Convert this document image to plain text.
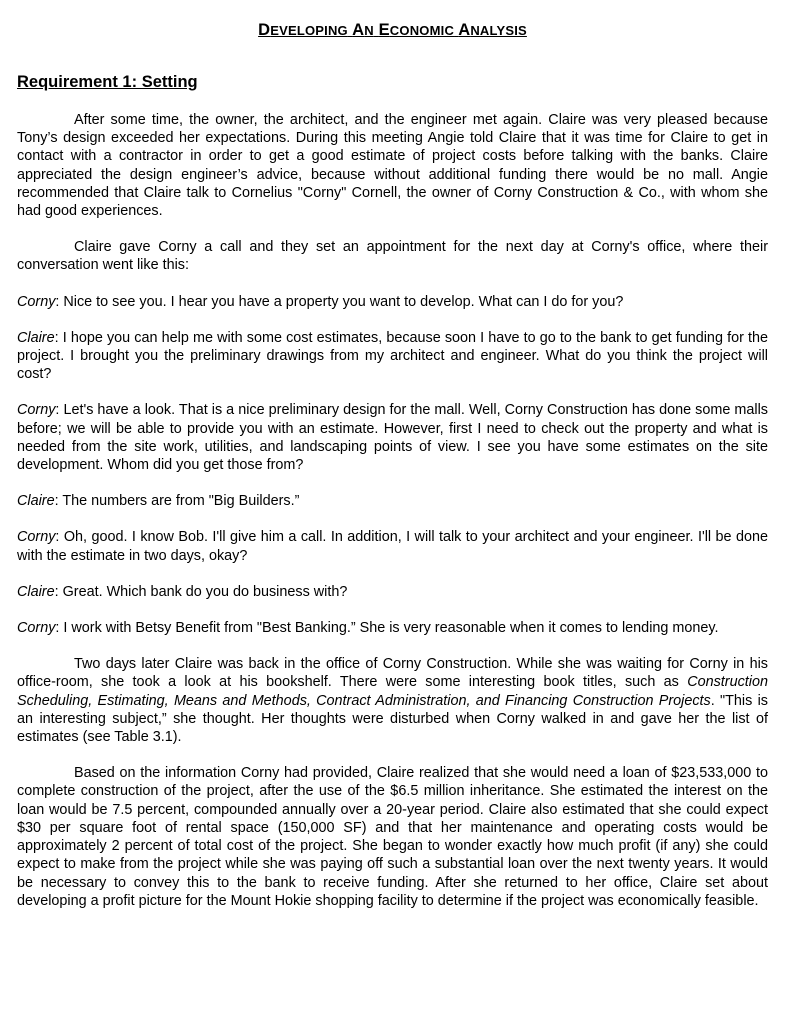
DEVELOPING AN ECONOMIC ANALYSIS
Requirement 1: Setting

After some time, the owner, the architect, and the engineer met again. Claire was very pleased because Tony’s design exceeded her expectations. During this meeting Angie told Claire that it was time for Claire to get in contact with a contractor in order to get a good estimate of project costs before talking with the banks. Claire appreciated the design engineer’s advice, because without additional funding there would be no mall. Angie recommended that Claire talk to Cornelius "Corny" Cornell, the owner of Corny Construction & Co., with whom she had good experiences.

Claire gave Corny a call and they set an appointment for the next day at Corny's office, where their conversation went like this:

Corny: Nice to see you. I hear you have a property you want to develop. What can I do for you?

Claire: I hope you can help me with some cost estimates, because soon I have to go to the bank to get funding for the project. I brought you the preliminary drawings from my architect and engineer. What do you think the project will cost?

Corny: Let's have a look. That is a nice preliminary design for the mall. Well, Corny Construction has done some malls before; we will be able to provide you with an estimate. However, first I need to check out the property and what is needed from the site work, utilities, and landscaping points of view. I see you have some estimates on the site development. Whom did you get those from?

Claire: The numbers are from "Big Builders.”

Corny: Oh, good. I know Bob. I'll give him a call. In addition, I will talk to your architect and your engineer. I'll be done with the estimate in two days, okay?

Claire: Great. Which bank do you do business with?

Corny: I work with Betsy Benefit from "Best Banking.” She is very reasonable when it comes to lending money.

Two days later Claire was back in the office of Corny Construction. While she was waiting for Corny in his office-room, she took a look at his bookshelf. There were some interesting book titles, such as Construction Scheduling, Estimating, Means and Methods, Contract Administration, and Financing Construction Projects. "This is an interesting subject,” she thought. Her thoughts were disturbed when Corny walked in and gave her the list of estimates (see Table 3.1).

Based on the information Corny had provided, Claire realized that she would need a loan of $23,533,000 to complete construction of the project, after the use of the $6.5 million inheritance. She estimated the interest on the loan would be 7.5 percent, compounded annually over a 20-year period. Claire also estimated that she could expect $30 per square foot of rental space (150,000 SF) and that her maintenance and operating costs would be approximately 2 percent of total cost of the project. She began to wonder exactly how much profit (if any) she could expect to make from the project while she was paying off such a substantial loan over the next twenty years. It would be necessary to convey this to the bank to receive funding. After she returned to her office, Claire set about developing a profit picture for the Mount Hokie shopping facility to determine if the project was economically feasible.
